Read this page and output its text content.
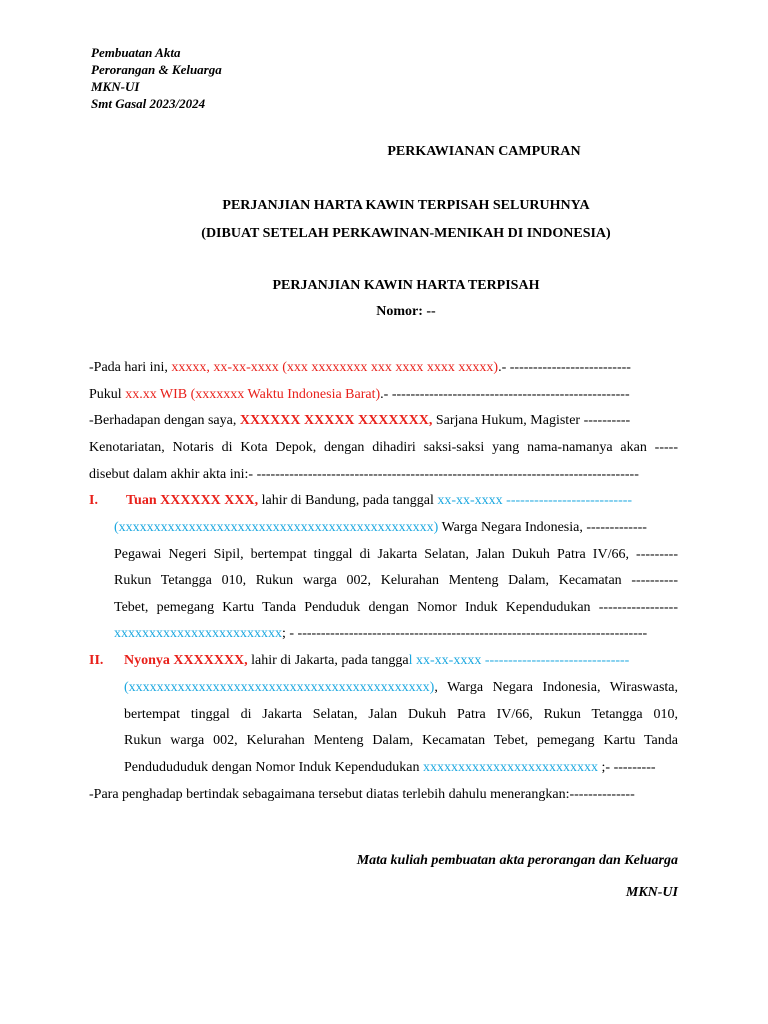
Pembuatan Akta
Perorangan & Keluarga
MKN-UI
Smt Gasal 2023/2024
PERKAWIANAN CAMPURAN
PERJANJIAN HARTA KAWIN TERPISAH SELURUHNYA
(DIBUAT SETELAH PERKAWINAN-MENIKAH DI INDONESIA)
PERJANJIAN KAWIN HARTA TERPISAH
Nomor: --
-Pada hari ini, xxxxx, xx-xx-xxxx (xxx xxxxxxxx xxx xxxx xxxx xxxxx).- --------------------------
Pukul xx.xx WIB (xxxxxxx Waktu Indonesia Barat).- ---------------------------------------------------
-Berhadapan dengan saya, XXXXXX XXXXX XXXXXXX, Sarjana Hukum, Magister ----------
Kenotariatan, Notaris di Kota Depok, dengan dihadiri saksi-saksi yang nama-namanya akan -----
disebut dalam akhir akta ini:- ----------------------------------------------------------------------------------
I. Tuan XXXXXX XXX, lahir di Bandung, pada tanggal xx-xx-xxxx ---------------------------
(xxxxxxxxxxxxxxxxxxxxxxxxxxxxxxxxxxxxxxxxxxxxx) Warga Negara Indonesia, -------------
Pegawai Negeri Sipil, bertempat tinggal di Jakarta Selatan, Jalan Dukuh Patra IV/66, ---------
Rukun Tetangga 010, Rukun warga 002, Kelurahan Menteng Dalam, Kecamatan ----------
Tebet, pemegang Kartu Tanda Penduduk dengan Nomor Induk Kependudukan -----------------
xxxxxxxxxxxxxxxxxxxxxxxx; - ---------------------------------------------------------------------------
II. Nyonya XXXXXXX, lahir di Jakarta, pada tanggal xx-xx-xxxx -------------------------------
(xxxxxxxxxxxxxxxxxxxxxxxxxxxxxxxxxxxxxxxxxxx), Warga Negara Indonesia, Wiraswasta,
bertempat tinggal di Jakarta Selatan, Jalan Dukuh Patra IV/66, Rukun Tetangga 010,
Rukun warga 002, Kelurahan Menteng Dalam, Kecamatan Tebet, pemegang Kartu Tanda
Pendudududuk dengan Nomor Induk Kependudukan xxxxxxxxxxxxxxxxxxxxxxxxx ;- ---------
-Para penghadap bertindak sebagaimana tersebut diatas terlebih dahulu menerangkan:--------------
Mata kuliah pembuatan akta perorangan dan Keluarga
MKN-UI
